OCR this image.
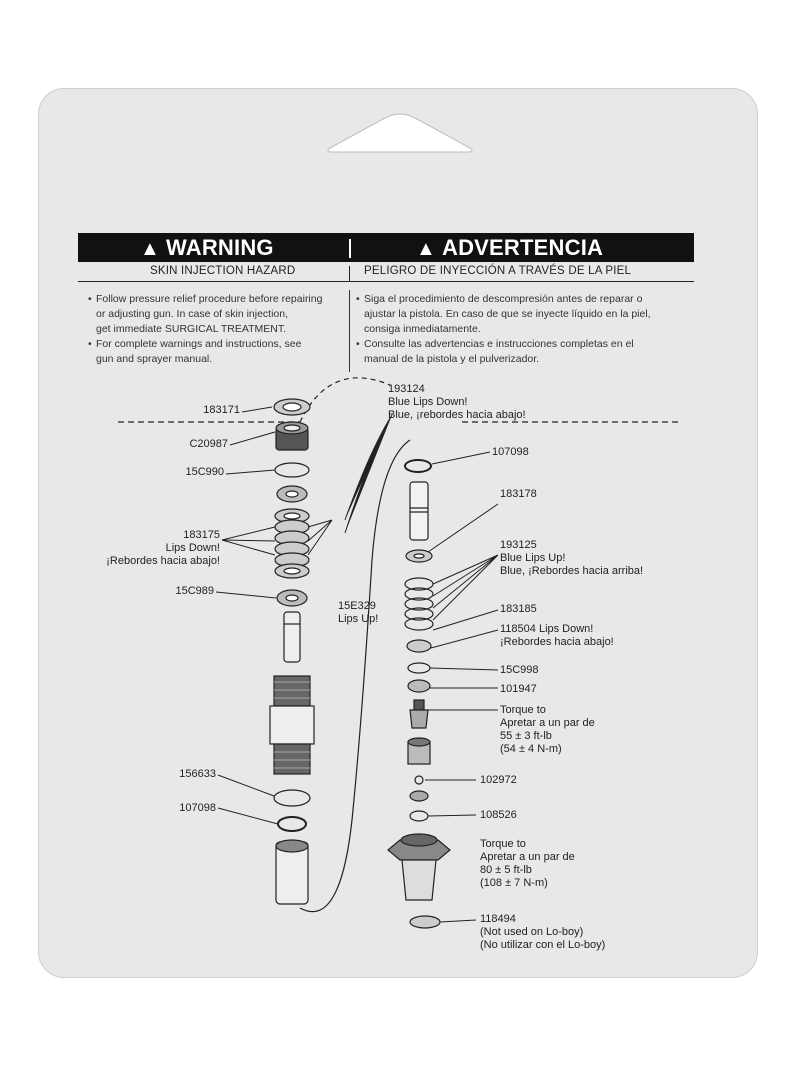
▲ WARNING	▲ ADVERTENCIA
SKIN INJECTION HAZARD	PELIGRO DE INYECCIÓN A TRAVÉS DE LA PIEL
• Follow pressure relief procedure before repairing
or adjusting gun. In case of skin injection,
get immediate SURGICAL TREATMENT.
• For complete warnings and instructions, see
gun and sprayer manual.
• Siga el procedimiento de descompresión antes de reparar o
ajustar la pistola. En caso de que se inyecte líquido en la piel,
consiga inmediatamente.
• Consulte las advertencias e instrucciones completas en el
manual de la pistola y el pulverizador.
183171
C20987
15C990
183175
Lips Down!
¡Rebordes hacia abajo!
15C989
156633
107098
193124
Blue Lips Down!
Blue, ¡rebordes hacia abajo!
15E329
Lips Up!
107098
183178
193125
Blue Lips Up!
Blue, ¡Rebordes hacia arriba!
183185
118504 Lips Down!
¡Rebordes hacia abajo!
15C998
101947
Torque to
Apretar a un par de
55 ± 3 ft-lb
(54 ± 4 N-m)
102972
108526
Torque to
Apretar a un par de
80 ± 5 ft-lb
(108 ± 7 N-m)
118494
(Not used on Lo-boy)
(No utilizar con el Lo-boy)
